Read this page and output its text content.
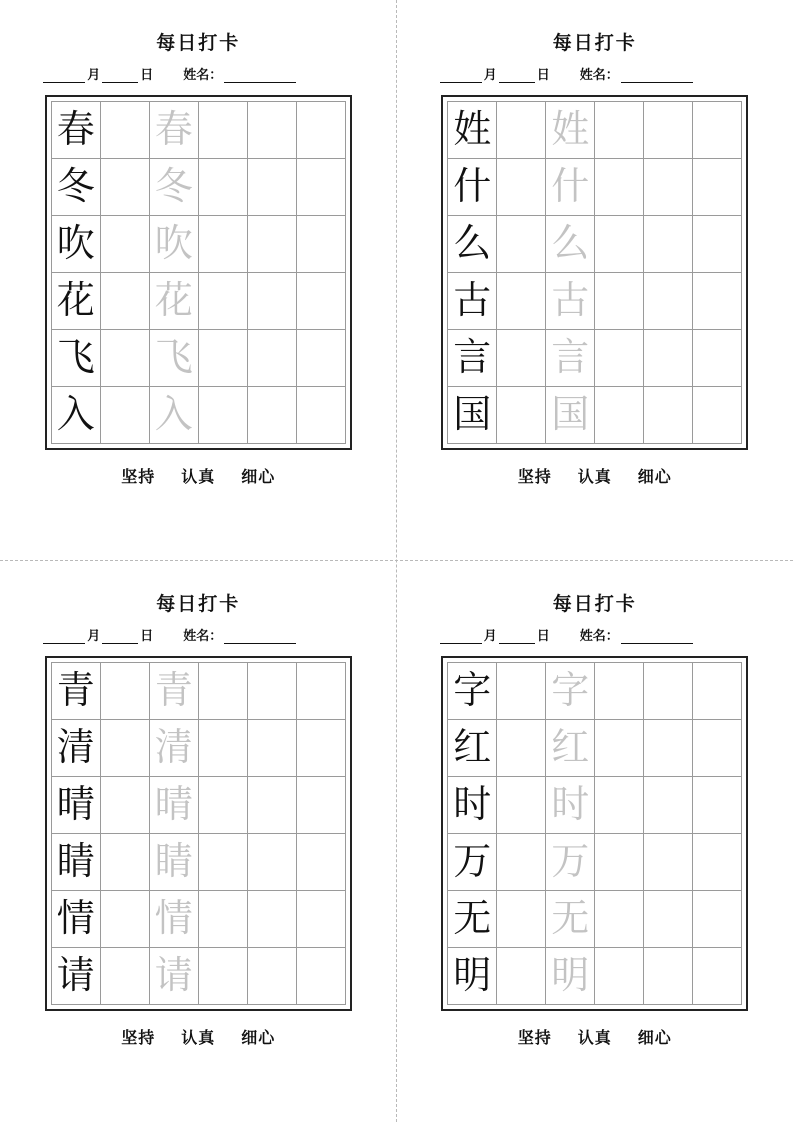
每日打卡
月	日 姓名：
春		春			
冬		冬			
吹		吹			
花		花			
飞		飞			
入		入			
坚持 认真 细心
每日打卡
月	日 姓名：
姓		姓			
什		什			
么		么			
古		古			
言		言			
国		国			
坚持 认真 细心
每日打卡
月	日 姓名：
青		青			
清		清			
晴		晴			
睛		睛			
情		情			
请		请			
坚持 认真 细心
每日打卡
月	日 姓名：
字		字			
红		红			
时		时			
万		万			
无		无			
明		明			
坚持 认真 细心
